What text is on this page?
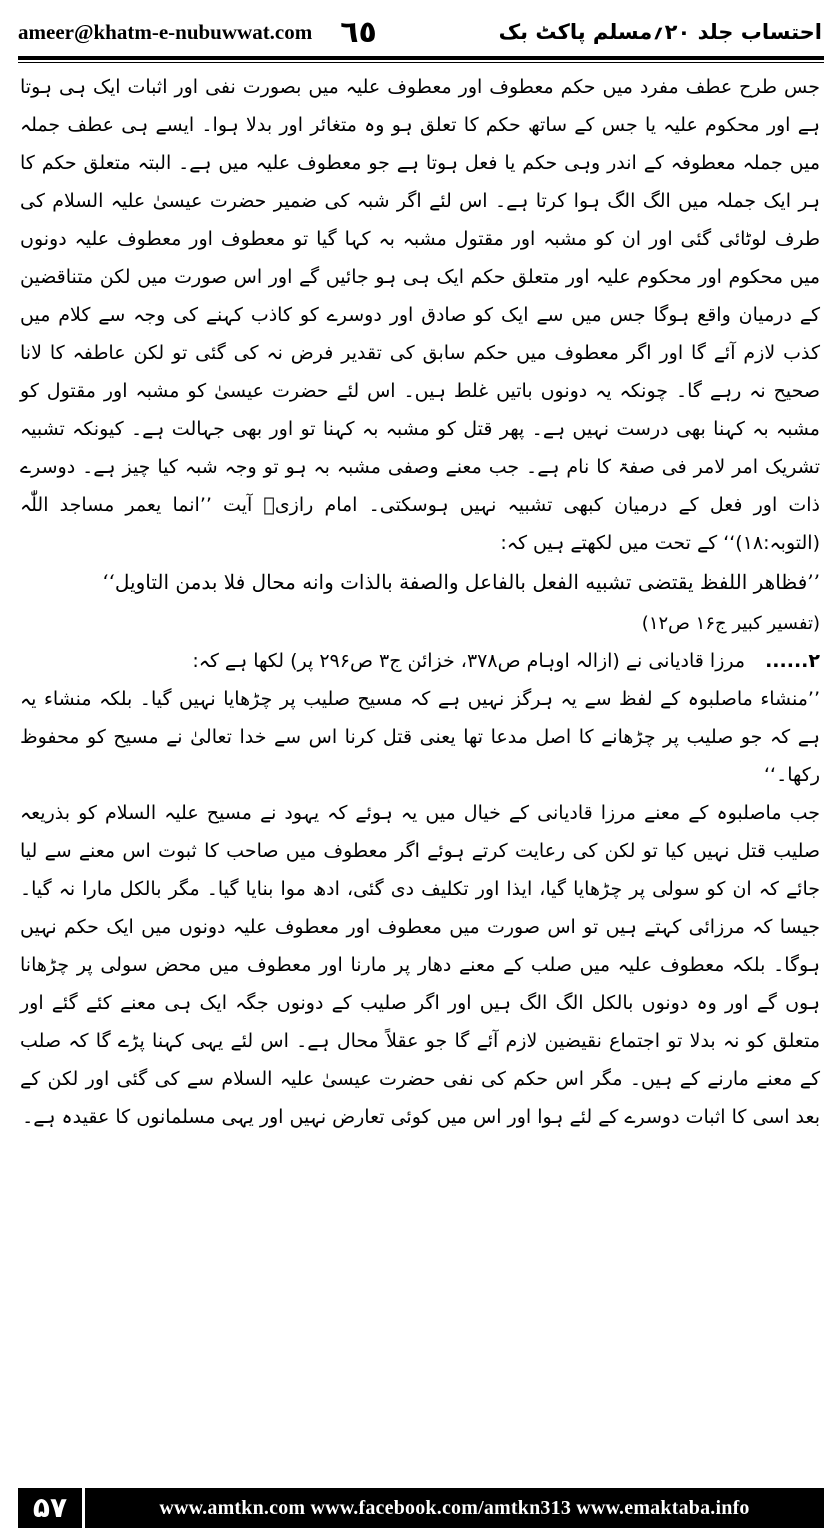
ameer@khatm-e-nubuwwat.com ٦٥	احتساب جلد ۲۰؍مسلم پاکٹ بک

جس طرح عطف مفرد میں حکم معطوف اور معطوف علیہ میں بصورت نفی اور اثبات ایک ہی ہوتا ہے اور محکوم علیہ یا جس کے ساتھ حکم کا تعلق ہو وہ متغائر اور بدلا ہوا۔ ایسے ہی عطف جملہ میں جملہ معطوفہ کے اندر وہی حکم یا فعل ہوتا ہے جو معطوف علیہ میں ہے۔ البتہ متعلق حکم کا ہر ایک جملہ میں الگ الگ ہوا کرتا ہے۔ اس لئے اگر شبہ کی ضمیر حضرت عیسیٰ علیہ السلام کی طرف لوٹائی گئی اور ان کو مشبہ اور مقتول مشبہ بہ کہا گیا تو معطوف اور معطوف علیہ دونوں میں محکوم اور محکوم علیہ اور متعلق حکم ایک ہی ہو جائیں گے اور اس صورت میں لکن متناقضین کے درمیان واقع ہوگا جس میں سے ایک کو صادق اور دوسرے کو کاذب کہنے کی وجہ سے کلام میں کذب لازم آئے گا اور اگر معطوف میں حکم سابق کی تقدیر فرض نہ کی گئی تو لکن عاطفہ کا لانا صحیح نہ رہے گا۔ چونکہ یہ دونوں باتیں غلط ہیں۔ اس لئے حضرت عیسیٰ کو مشبہ اور مقتول کو مشبہ بہ کہنا بھی درست نہیں ہے۔ پھر قتل کو مشبہ بہ کہنا تو اور بھی جہالت ہے۔ کیونکہ تشبیہ تشریک امر لامر فی صفۃ کا نام ہے۔ جب معنے وصفی مشبہ بہ ہو تو وجہ شبہ کیا چیز ہے۔ دوسرے ذات اور فعل کے درمیان کبھی تشبیہ نہیں ہوسکتی۔ امام رازیؒ آیت ’’انما یعمر مساجد اللّٰہ (التوبہ:۱۸)‘‘ کے تحت میں لکھتے ہیں کہ:

’’فظاهر اللفظ يقتضى تشبيه الفعل بالفاعل والصفة بالذات وانه محال فلا بدمن التاويل‘‘

(تفسیر کبیر ج۱۶ ص۱۲)

۲...... مرزا قادیانی نے (ازالہ اوہام ص۳۷۸، خزائن ج۳ ص۲۹۶ پر) لکھا ہے کہ:

’’منشاء ماصلبوہ کے لفظ سے یہ ہرگز نہیں ہے کہ مسیح صلیب پر چڑھایا نہیں گیا۔ بلکہ منشاء یہ ہے کہ جو صلیب پر چڑھانے کا اصل مدعا تھا یعنی قتل کرنا اس سے خدا تعالیٰ نے مسیح کو محفوظ رکھا۔‘‘

جب ماصلبوہ کے معنے مرزا قادیانی کے خیال میں یہ ہوئے کہ یہود نے مسیح علیہ السلام کو بذریعہ صلیب قتل نہیں کیا تو لکن کی رعایت کرتے ہوئے اگر معطوف میں صاحب کا ثبوت اس معنے سے لیا جائے کہ ان کو سولی پر چڑھایا گیا، ایذا اور تکلیف دی گئی، ادھ موا بنایا گیا۔ مگر بالکل مارا نہ گیا۔ جیسا کہ مرزائی کہتے ہیں تو اس صورت میں معطوف اور معطوف علیہ دونوں میں ایک حکم نہیں ہوگا۔ بلکہ معطوف علیہ میں صلب کے معنے دھار پر مارنا اور معطوف میں محض سولی پر چڑھانا ہوں گے اور وہ دونوں بالکل الگ الگ ہیں اور اگر صلیب کے دونوں جگہ ایک ہی معنے کئے گئے اور متعلق کو نہ بدلا تو اجتماع نقیضین لازم آئے گا جو عقلاً محال ہے۔ اس لئے یہی کہنا پڑے گا کہ صلب کے معنے مارنے کے ہیں۔ مگر اس حکم کی نفی حضرت عیسیٰ علیہ السلام سے کی گئی اور لکن کے بعد اسی کا اثبات دوسرے کے لئے ہوا اور اس میں کوئی تعارض نہیں اور یہی مسلمانوں کا عقیدہ ہے۔

۵۷	www.amtkn.com www.facebook.com/amtkn313 www.emaktaba.info
